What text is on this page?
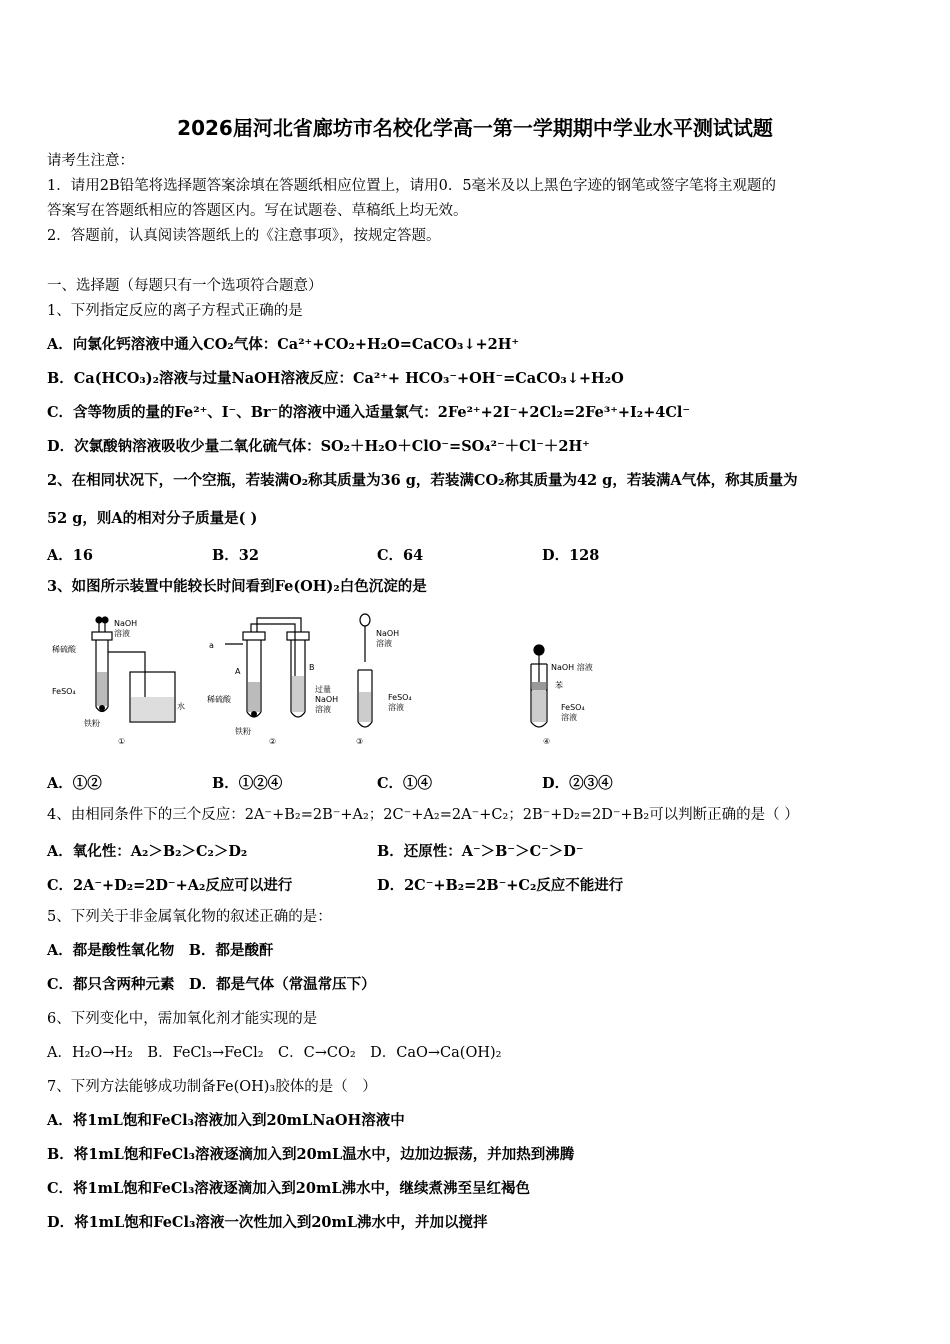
2026届河北省廊坊市名校化学高一第一学期期中学业水平测试试题
请考生注意：
1．请用2B铅笔将选择题答案涂填在答题纸相应位置上，请用0．5毫米及以上黑色字迹的钢笔或签字笔将主观题的
答案写在答题纸相应的答题区内。写在试题卷、草稿纸上均无效。
2．答题前，认真阅读答题纸上的《注意事项》，按规定答题。
一、选择题（每题只有一个选项符合题意）
1、下列指定反应的离子方程式正确的是
A．向氯化钙溶液中通入CO₂气体：Ca²⁺+CO₂+H₂O=CaCO₃↓+2H⁺
B．Ca(HCO₃)₂溶液与过量NaOH溶液反应：Ca²⁺+ HCO₃⁻+OH⁻=CaCO₃↓+H₂O
C．含等物质的量的Fe²⁺、I⁻、Br⁻的溶液中通入适量氯气：2Fe²⁺+2I⁻+2Cl₂=2Fe³⁺+I₂+4Cl⁻
D．次氯酸钠溶液吸收少量二氧化硫气体：SO₂＋H₂O＋ClO⁻=SO₄²⁻＋Cl⁻＋2H⁺
2、在相同状况下，一个空瓶，若装满O₂称其质量为36 g，若装满CO₂称其质量为42 g，若装满A气体，称其质量为
52 g，则A的相对分子质量是( )
A．16	B．32	C．64	D．128
3、如图所示装置中能较长时间看到Fe(OH)₂白色沉淀的是
稀硫酸
NaOH
溶液
FeSO₄
水
铁粉
①
a
A	B
稀硫酸
过量
NaOH
溶液
铁粉
②
NaOH
溶液
FeSO₄
溶液
③
NaOH 溶液
苯
FeSO₄
溶液
④
A．①②	B．①②④	C．①④	D．②③④
4、由相同条件下的三个反应：2A⁻+B₂=2B⁻+A₂；2C⁻+A₂=2A⁻+C₂；2B⁻+D₂=2D⁻+B₂可以判断正确的是（ ）
A．氧化性：A₂＞B₂＞C₂＞D₂	B．还原性：A⁻＞B⁻＞C⁻＞D⁻
C．2A⁻+D₂=2D⁻+A₂反应可以进行	D．2C⁻+B₂=2B⁻+C₂反应不能进行
5、下列关于非金属氧化物的叙述正确的是：
A．都是酸性氧化物　B．都是酸酐
C．都只含两种元素　D．都是气体（常温常压下）
6、下列变化中，需加氧化剂才能实现的是
A．H₂O→H₂　B．FeCl₃→FeCl₂　C．C→CO₂　D．CaO→Ca(OH)₂
7、下列方法能够成功制备Fe(OH)₃胶体的是（　）
A．将1mL饱和FeCl₃溶液加入到20mLNaOH溶液中
B．将1mL饱和FeCl₃溶液逐滴加入到20mL温水中，边加边振荡，并加热到沸腾
C．将1mL饱和FeCl₃溶液逐滴加入到20mL沸水中，继续煮沸至呈红褐色
D．将1mL饱和FeCl₃溶液一次性加入到20mL沸水中，并加以搅拌
